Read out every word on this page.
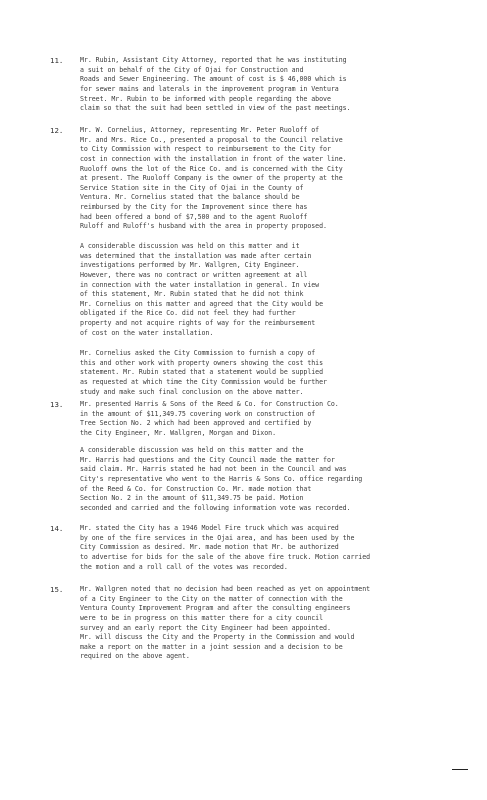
11.	Mr. Rubin, Assistant City Attorney, reported that he was instituting
a suit on behalf of the City of Ojai for Construction and
Roads and Sewer Engineering. The amount of cost is $ 46,000 which is
for sewer mains and laterals in the improvement program in Ventura
Street. Mr. Rubin to be informed with people regarding the above
claim so that the suit had been settled in view of the past meetings.
12.	Mr. W. Cornelius, Attorney, representing Mr. Peter Ruoloff of
Mr. and Mrs. Rice Co., presented a proposal to the Council relative
to City Commission with respect to reimbursement to the City for
cost in connection with the installation in front of the water line.
Ruoloff owns the lot of the Rice Co. and is concerned with the City
at present. The Ruoloff Company is the owner of the property at the
Service Station site in the City of Ojai in the County of
Ventura. Mr. Cornelius stated that the balance should be
reimbursed by the City for the Improvement since there has
had been offered a bond of $7,500 and to the agent Ruoloff
Ruloff and Ruloff's husband with the area in property proposed.
A considerable discussion was held on this matter and it
was determined that the installation was made after certain
investigations performed by Mr. Wallgren, City Engineer.
However, there was no contract or written agreement at all
in connection with the water installation in general. In view
of this statement, Mr. Rubin stated that he did not think
Mr. Cornelius on this matter and agreed that the City would be
obligated if the Rice Co. did not feel they had further
property and not acquire rights of way for the reimbursement
of cost on the water installation.
Mr. Cornelius asked the City Commission to furnish a copy of
this and other work with property owners showing the cost this
statement. Mr. Rubin stated that a statement would be supplied
as requested at which time the City Commission would be further
study and make such final conclusion on the above matter.
13.	Mr. presented Harris & Sons of the Reed & Co. for Construction Co.
in the amount of $11,349.75 covering work on construction of
Tree Section No. 2 which had been approved and certified by
the City Engineer, Mr. Wallgren, Morgan and Dixon.
A considerable discussion was held on this matter and the
Mr. Harris had questions and the City Council made the matter for
said claim. Mr. Harris stated he had not been in the Council and was
City's representative who went to the Harris & Sons Co. office regarding
of the Reed & Co. for Construction Co. Mr. made motion that
Section No. 2 in the amount of $11,349.75 be paid. Motion
seconded and carried and the following information vote was recorded.
14.	Mr. stated the City has a 1946 Model Fire truck which was acquired
by one of the fire services in the Ojai area, and has been used by the
City Commission as desired. Mr. made motion that Mr. be authorized
to advertise for bids for the sale of the above fire truck. Motion carried
the motion and a roll call of the votes was recorded.
15.	Mr. Wallgren noted that no decision had been reached as yet on appointment
of a City Engineer to the City on the matter of connection with the
Ventura County Improvement Program and after the consulting engineers
were to be in progress on this matter there for a city council
survey and an early report the City Engineer had been appointed.
Mr. will discuss the City and the Property in the Commission and would
make a report on the matter in a joint session and a decision to be
required on the above agent.
